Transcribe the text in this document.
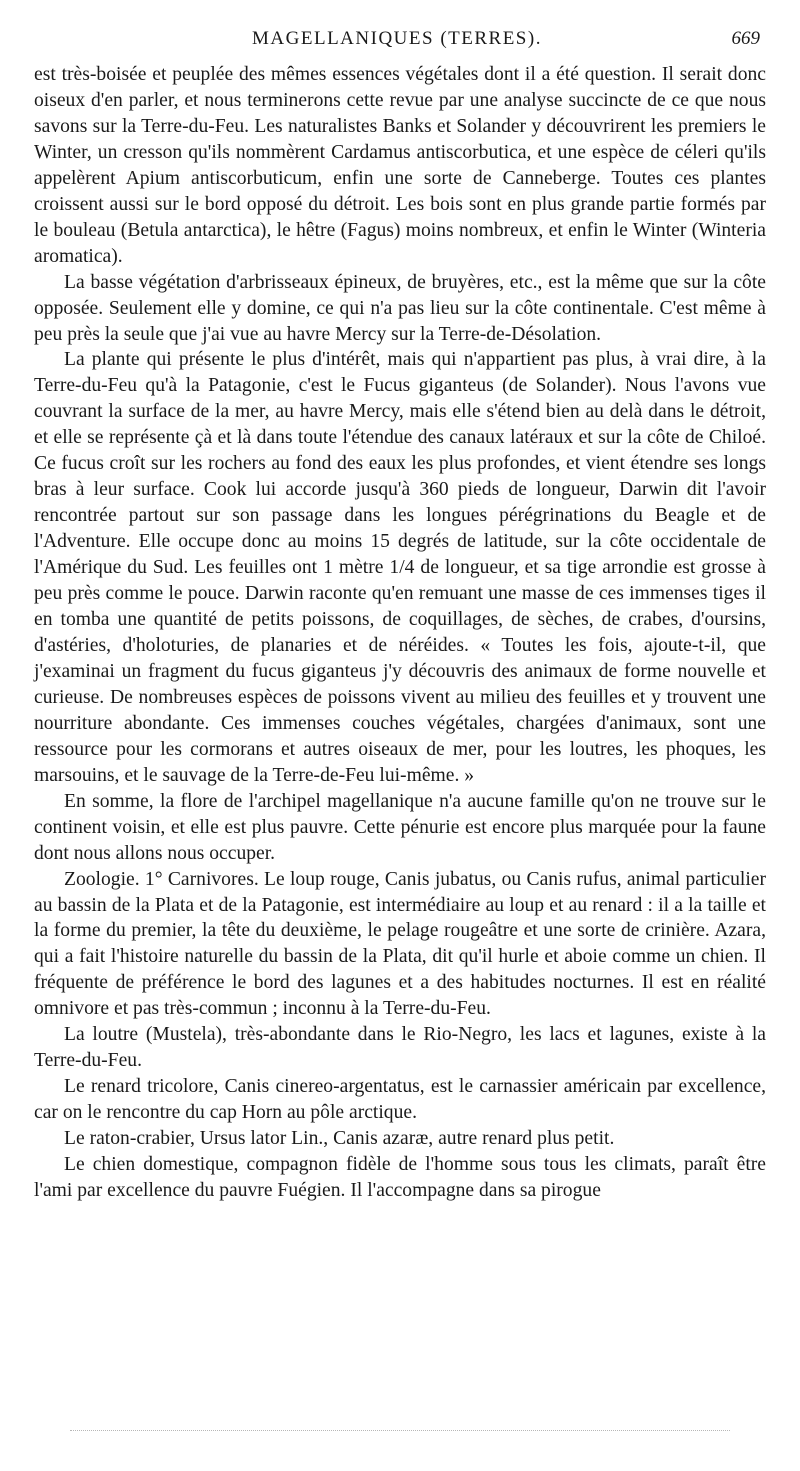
MAGELLANIQUES (TERRES).	669

est très-boisée et peuplée des mêmes essences végétales dont il a été question. Il serait donc oiseux d'en parler, et nous terminerons cette revue par une analyse succincte de ce que nous savons sur la Terre-du-Feu. Les naturalistes Banks et Solander y découvrirent les premiers le Winter, un cresson qu'ils nommèrent Cardamus antiscorbutica, et une espèce de céleri qu'ils appelèrent Apium antiscorbuticum, enfin une sorte de Canneberge. Toutes ces plantes croissent aussi sur le bord opposé du détroit. Les bois sont en plus grande partie formés par le bouleau (Betula antarctica), le hêtre (Fagus) moins nombreux, et enfin le Winter (Winteria aromatica).

La basse végétation d'arbrisseaux épineux, de bruyères, etc., est la même que sur la côte opposée. Seulement elle y domine, ce qui n'a pas lieu sur la côte continentale. C'est même à peu près la seule que j'ai vue au havre Mercy sur la Terre-de-Désolation.

La plante qui présente le plus d'intérêt, mais qui n'appartient pas plus, à vrai dire, à la Terre-du-Feu qu'à la Patagonie, c'est le Fucus giganteus (de Solander). Nous l'avons vue couvrant la surface de la mer, au havre Mercy, mais elle s'étend bien au delà dans le détroit, et elle se représente çà et là dans toute l'étendue des canaux latéraux et sur la côte de Chiloé. Ce fucus croît sur les rochers au fond des eaux les plus profondes, et vient étendre ses longs bras à leur surface. Cook lui accorde jusqu'à 360 pieds de longueur, Darwin dit l'avoir rencontrée partout sur son passage dans les longues pérégrinations du Beagle et de l'Adventure. Elle occupe donc au moins 15 degrés de latitude, sur la côte occidentale de l'Amérique du Sud. Les feuilles ont 1 mètre 1/4 de longueur, et sa tige arrondie est grosse à peu près comme le pouce. Darwin raconte qu'en remuant une masse de ces immenses tiges il en tomba une quantité de petits poissons, de coquillages, de sèches, de crabes, d'oursins, d'astéries, d'holoturies, de planaries et de néréides. « Toutes les fois, ajoute-t-il, que j'examinai un fragment du fucus giganteus j'y découvris des animaux de forme nouvelle et curieuse. De nombreuses espèces de poissons vivent au milieu des feuilles et y trouvent une nourriture abondante. Ces immenses couches végétales, chargées d'animaux, sont une ressource pour les cormorans et autres oiseaux de mer, pour les loutres, les phoques, les marsouins, et le sauvage de la Terre-de-Feu lui-même. »

En somme, la flore de l'archipel magellanique n'a aucune famille qu'on ne trouve sur le continent voisin, et elle est plus pauvre. Cette pénurie est encore plus marquée pour la faune dont nous allons nous occuper.

Zoologie. 1° Carnivores. Le loup rouge, Canis jubatus, ou Canis rufus, animal particulier au bassin de la Plata et de la Patagonie, est intermédiaire au loup et au renard : il a la taille et la forme du premier, la tête du deuxième, le pelage rougeâtre et une sorte de crinière. Azara, qui a fait l'histoire naturelle du bassin de la Plata, dit qu'il hurle et aboie comme un chien. Il fréquente de préférence le bord des lagunes et a des habitudes nocturnes. Il est en réalité omnivore et pas très-commun ; inconnu à la Terre-du-Feu.

La loutre (Mustela), très-abondante dans le Rio-Negro, les lacs et lagunes, existe à la Terre-du-Feu.

Le renard tricolore, Canis cinereo-argentatus, est le carnassier américain par excellence, car on le rencontre du cap Horn au pôle arctique.

Le raton-crabier, Ursus lator Lin., Canis azaræ, autre renard plus petit.

Le chien domestique, compagnon fidèle de l'homme sous tous les climats, paraît être l'ami par excellence du pauvre Fuégien. Il l'accompagne dans sa pirogue
